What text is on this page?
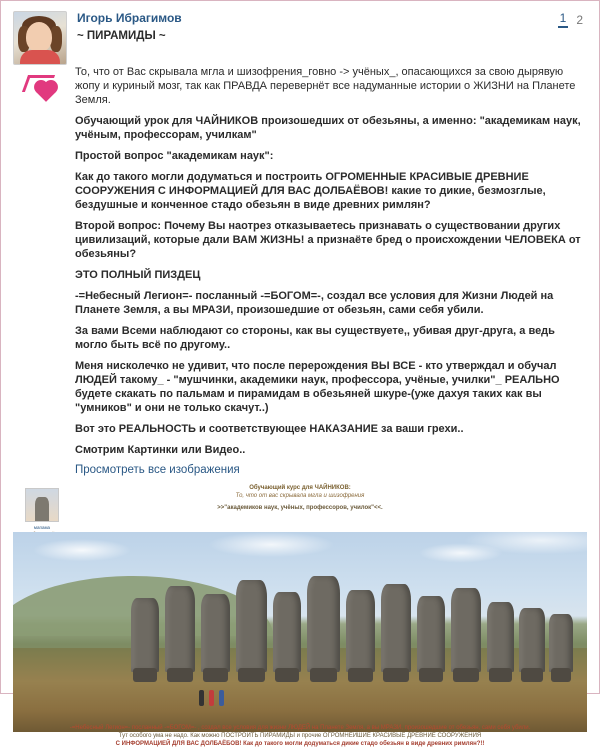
1 2
Игорь Ибрагимов
~ ПИРАМИДЫ ~

То, что от Вас скрывала мгла и шизофрения_говно -> учёных_, опасающихся за свою дырявую жопу и куриный мозг, так как ПРАВДА перевернёт все надуманные истории о ЖИЗНИ на Планете Земля.

Обучающий урок для ЧАЙНИКОВ произошедших от обезьяны, а именно: "академикам наук, учёным, профессорам, училкам"

Простой вопрос "академикам наук":

Как до такого могли додуматься и построить ОГРОМЕННЫЕ КРАСИВЫЕ ДРЕВНИЕ СООРУЖЕНИЯ С ИНФОРМАЦИЕЙ ДЛЯ ВАС ДОЛБАЁВОВ! какие то дикие, безмозглые, бездушные и конченное стадо обезьян в виде древних римлян?

Второй вопрос: Почему Вы наотрез отказываетесь признавать о существовании других цивилизаций, которые дали ВАМ ЖИЗНЬ! а признаёте бред о происхождении ЧЕЛОВЕКА от обезьяны?

ЭТО ПОЛНЫЙ ПИЗДЕЦ

-=Небесный Легион=- посланный -=БОГОМ=-, создал все условия для Жизни Людей на Планете Земля, а вы МРАЗИ, произошедшие от обезьян, сами себя убили.

За вами Всеми наблюдают со стороны, как вы существуете,, убивая друг-друга, а ведь могло быть всё по другому..

Меня нисколечко не удивит, что после перерождения ВЫ ВСЕ - кто утверждал и обучал ЛЮДЕЙ такому_ - "мушчинки, академики наук, профессора, учёные, училки"_ РЕАЛЬНО будете скакать по пальмам и пирамидам в обезьяней шкуре-(уже дахуя таких как вы "умников" и они не только скачут..)

Вот это РЕАЛЬНОСТЬ и соответствующее НАКАЗАНИЕ за ваши грехи..

Смотрим Картинки или Видео..

Просмотреть все изображения
Обучающий курс для ЧАЙНИКОВ:
То, что от вас скрывала мгла и шизофрения
>>"академиков наук, учёных, профессоров, училок"<<.
мапама
-=Небесный Легион=- посланный -=БОГОМ=- , создал все условия для жизни ЛЮДЕЙ на Планете Земля, а вы МРАЗИ, произошедшие от обезьян, сами себя убили.
Тут особого ума не надо. Как можно ПОСТРОИТЬ ПИРАМИДЫ и прочие ОГРОМНЕЙШИЕ КРАСИВЫЕ ДРЕВНИЕ СООРУЖЕНИЯ
С ИНФОРМАЦИЕЙ ДЛЯ ВАС ДОЛБАЁБОВ! Как до такого могли додуматься дикие стадо обезьян в виде древних римлян?!!
